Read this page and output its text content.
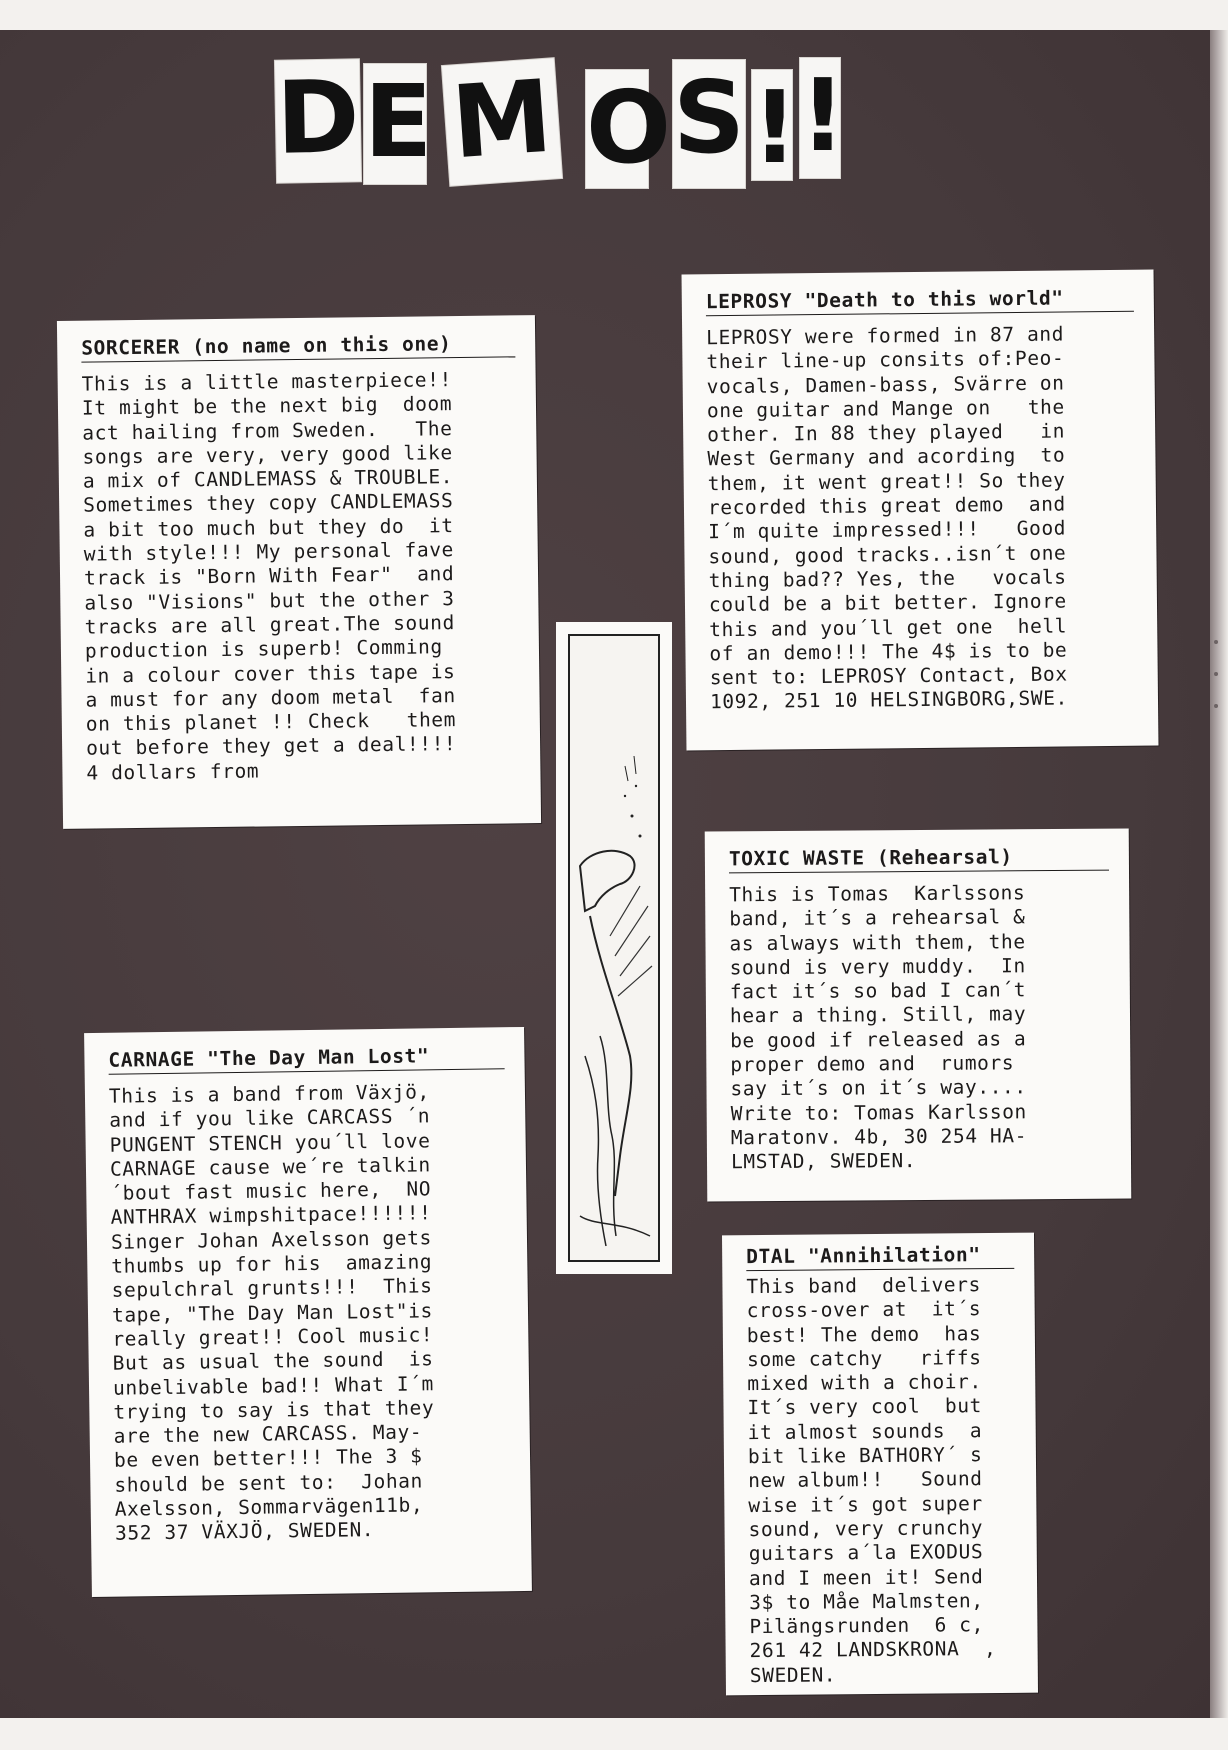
D E M O S ! !
SORCERER (no name on this one)

This is a little masterpiece!!
It might be the next big  doom
act hailing from Sweden.   The
songs are very, very good like
a mix of CANDLEMASS & TROUBLE.
Sometimes they copy CANDLEMASS
a bit too much but they do  it
with style!!! My personal fave
track is "Born With Fear"  and
also "Visions" but the other 3
tracks are all great.The sound
production is superb! Comming
in a colour cover this tape is
a must for any doom metal  fan
on this planet !! Check   them
out before they get a deal!!!!
4 dollars from

LEPROSY "Death to this world"

LEPROSY were formed in 87 and
their line-up consits of:Peo-
vocals, Damen-bass, Svärre on
one guitar and Mange on   the
other. In 88 they played   in
West Germany and acording  to
them, it went great!! So they
recorded this great demo  and
I´m quite impressed!!!   Good
sound, good tracks..isn´t one
thing bad?? Yes, the   vocals
could be a bit better. Ignore
this and you´ll get one  hell
of an demo!!! The 4$ is to be
sent to: LEPROSY Contact, Box
1092, 251 10 HELSINGBORG,SWE.

TOXIC WASTE (Rehearsal)

This is Tomas  Karlssons
band, it´s a rehearsal &
as always with them, the
sound is very muddy.  In
fact it´s so bad I can´t
hear a thing. Still, may
be good if released as a
proper demo and  rumors
say it´s on it´s way....
Write to: Tomas Karlsson
Maratonv. 4b, 30 254 HA-
LMSTAD, SWEDEN.

CARNAGE "The Day Man Lost"

This is a band from Växjö,
and if you like CARCASS ´n
PUNGENT STENCH you´ll love
CARNAGE cause we´re talkin
´bout fast music here,  NO
ANTHRAX wimpshitpace!!!!!!
Singer Johan Axelsson gets
thumbs up for his  amazing
sepulchral grunts!!!  This
tape, "The Day Man Lost"is
really great!! Cool music!
But as usual the sound  is
unbelivable bad!! What I´m
trying to say is that they
are the new CARCASS. May-
be even better!!! The 3 $
should be sent to:  Johan
Axelsson, Sommarvägen11b,
352 37 VÄXJÖ, SWEDEN.

DTAL "Annihilation"

This band  delivers
cross-over at  it´s
best! The demo  has
some catchy   riffs
mixed with a choir.
It´s very cool  but
it almost sounds  a
bit like BATHORY´ s
new album!!   Sound
wise it´s got super
sound, very crunchy
guitars a´la EXODUS
and I meen it! Send
3$ to Måe Malmsten,
Pilängsrunden  6 c,
261 42 LANDSKRONA  ,
SWEDEN.
